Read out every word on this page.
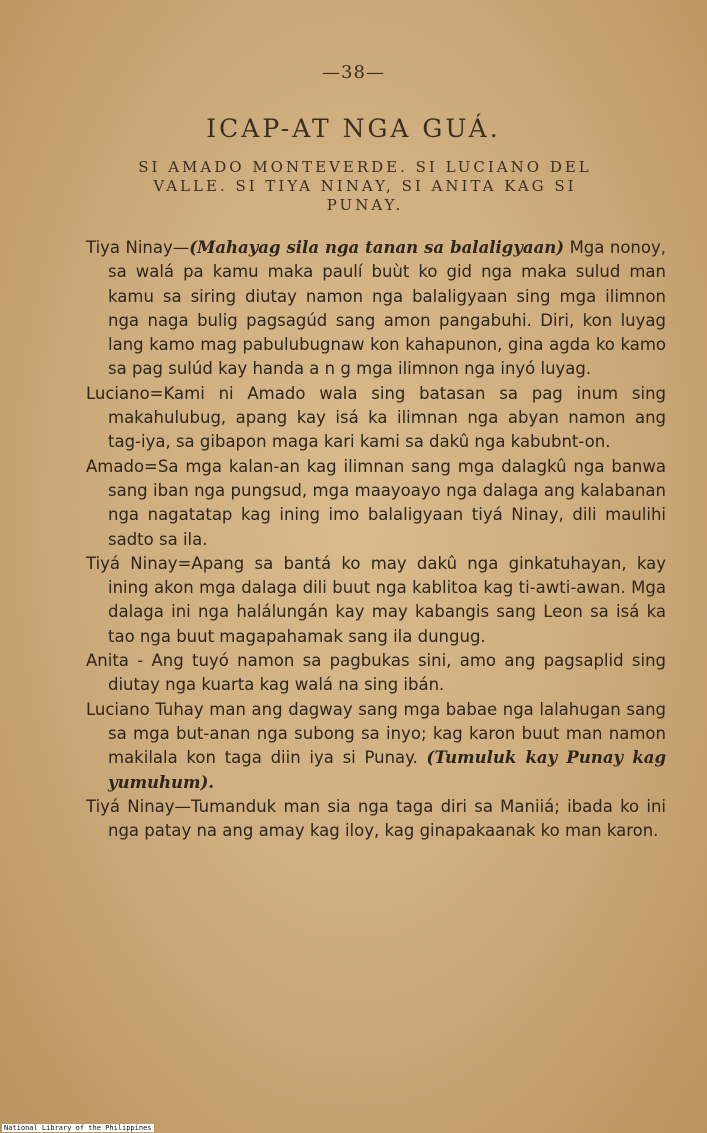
—38—
ICAP-AT NGA GUÁ.
SI AMADO MONTEVERDE. SI LUCIANO DEL VALLE. SI TIYA NINAY, SI ANITA KAG SI PUNAY.

Tiya Ninay—(Mahayag sila nga tanan sa balaligyaan) Mga nonoy, sa walá pa kamu maka paulí buùt ko gid nga maka sulud man kamu sa siring diutay namon nga balaligyaan sing mga ilimnon nga naga bulig pagsagúd sang amon pangabuhi. Diri, kon luyag lang kamo mag pabulubugnaw kon kahapunon, gina agda ko kamo sa pag sulúd kay handa a n g mga ilimnon nga inyó luyag.

Luciano=Kami ni Amado wala sing batasan sa pag inum sing makahulubug, apang kay isá ka ilimnan nga abyan namon ang tag-iya, sa gibapon maga kari kami sa dakû nga kabubnt-on.

Amado=Sa mga kalan-an kag ilimnan sang mga dalagkû nga banwa sang iban nga pungsud, mga maayoayo nga dalaga ang kalabanan nga nagatatap kag ining imo balaligyaan tiyá Ninay, dili maulihi sadto sa ila.

Tiyá Ninay=Apang sa bantá ko may dakû nga ginkatuhayan, kay ining akon mga dalaga dili buut nga kablitoa kag ti-awti-awan. Mga dalaga ini nga halálungán kay may kabangis sang Leon sa isá ka tao nga buut magapahamak sang ila dungug.

Anita - Ang tuyó namon sa pagbukas sini, amo ang pagsaplid sing diutay nga kuarta kag walá na sing ibán.

Luciano Tuhay man ang dagway sang mga babae nga lalahugan sang sa mga but-anan nga subong sa inyo; kag karon buut man namon makilala kon taga diin iya si Punay. (Tumuluk kay Punay kag yumuhum).

Tiyá Ninay—Tumanduk man sia nga taga diri sa Maniiá; ibada ko ini nga patay na ang amay kag iloy, kag ginapakaanak ko man karon.

National Library of the Philippines
